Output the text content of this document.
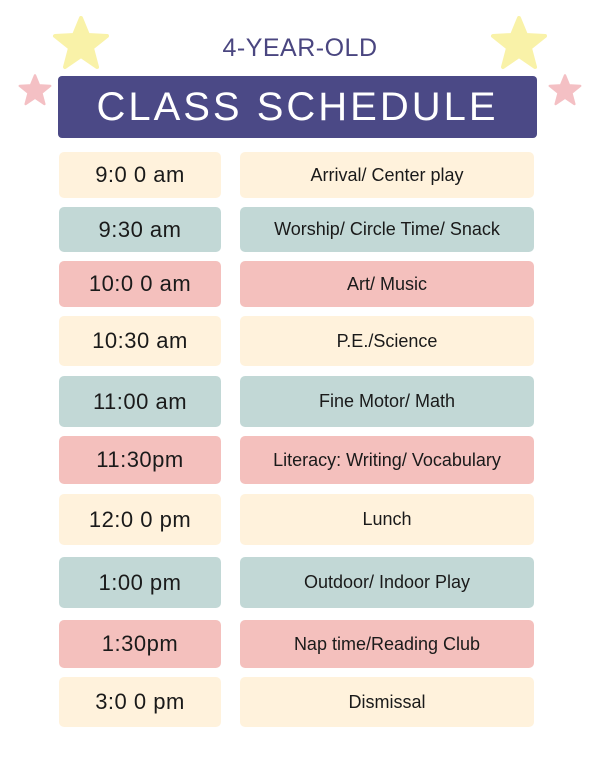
4-YEAR-OLD
CLASS SCHEDULE
9:0 0 am	Arrival/ Center play
9:30 am	Worship/ Circle Time/ Snack
10:0 0 am	Art/ Music
10:30 am	P.E./Science
11:00 am	Fine Motor/ Math
11:30pm	Literacy: Writing/ Vocabulary
12:0 0 pm	Lunch
1:00 pm	Outdoor/ Indoor Play
1:30pm	Nap time/Reading Club
3:0 0 pm	Dismissal
